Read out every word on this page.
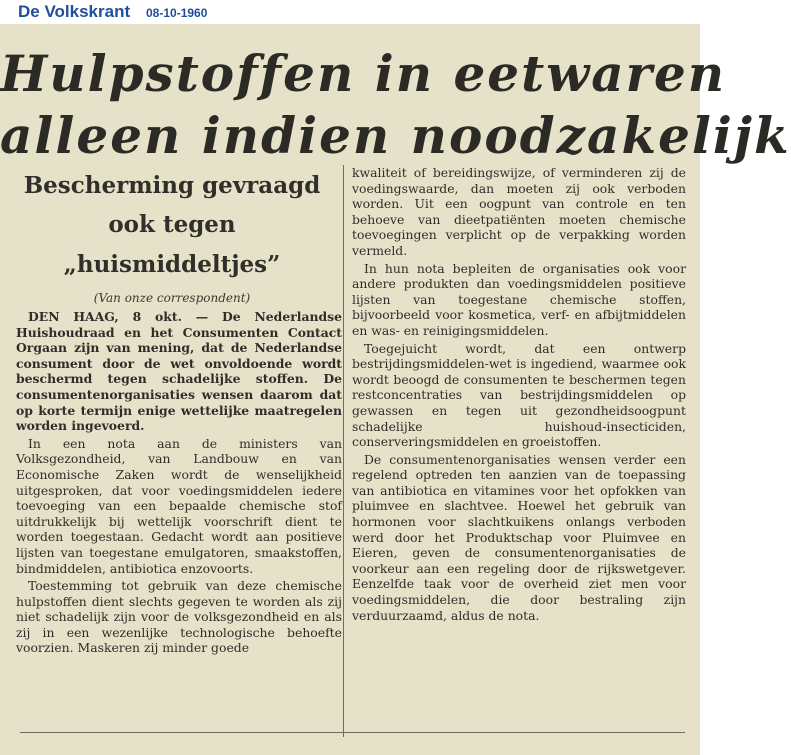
De Volkskrant 08-10-1960
Hulpstoffen in eetwaren
alleen indien noodzakelijk
Bescherming gevraagd
ook tegen
„huismiddeltjes”
(Van onze correspondent)

DEN HAAG, 8 okt. — De Nederlandse Huishoudraad en het Consumenten Contact Orgaan zijn van mening, dat de Nederlandse consument door de wet onvoldoende wordt beschermd tegen schadelijke stoffen. De consumentenorganisaties wensen daarom dat op korte termijn enige wettelijke maatregelen worden ingevoerd.

In een nota aan de ministers van Volksgezondheid, van Landbouw en van Economische Zaken wordt de wenselijkheid uitgesproken, dat voor voedingsmiddelen iedere toevoeging van een bepaalde chemische stof uitdrukkelijk bij wettelijk voorschrift dient te worden toegestaan. Gedacht wordt aan positieve lijsten van toegestane emulgatoren, smaakstoffen, bindmiddelen, antibiotica enzovoorts.

Toestemming tot gebruik van deze chemische hulpstoffen dient slechts gegeven te worden als zij niet schadelijk zijn voor de volksgezondheid en als zij in een wezenlijke technologische behoefte voorzien. Maskeren zij minder goede

kwaliteit of bereidingswijze, of verminderen zij de voedingswaarde, dan moeten zij ook verboden worden. Uit een oogpunt van controle en ten behoeve van dieetpatiënten moeten chemische toevoegingen verplicht op de verpakking worden vermeld.

In hun nota bepleiten de organisaties ook voor andere produkten dan voedingsmiddelen positieve lijsten van toegestane chemische stoffen, bijvoorbeeld voor kosmetica, verf- en afbijtmiddelen en was- en reinigingsmiddelen.

Toegejuicht wordt, dat een ontwerp bestrijdingsmiddelen-wet is ingediend, waarmee ook wordt beoogd de consumenten te beschermen tegen restconcentraties van bestrijdingsmiddelen op gewassen en tegen uit gezondheidsoogpunt schadelijke huishoud-insecticiden, conserveringsmiddelen en groeistoffen.

De consumentenorganisaties wensen verder een regelend optreden ten aanzien van de toepassing van antibiotica en vitamines voor het opfokken van pluimvee en slachtvee. Hoewel het gebruik van hormonen voor slachtkuikens onlangs verboden werd door het Produktschap voor Pluimvee en Eieren, geven de consumentenorganisaties de voorkeur aan een regeling door de rijkswetgever. Eenzelfde taak voor de overheid ziet men voor voedingsmiddelen, die door bestraling zijn verduurzaamd, aldus de nota.
